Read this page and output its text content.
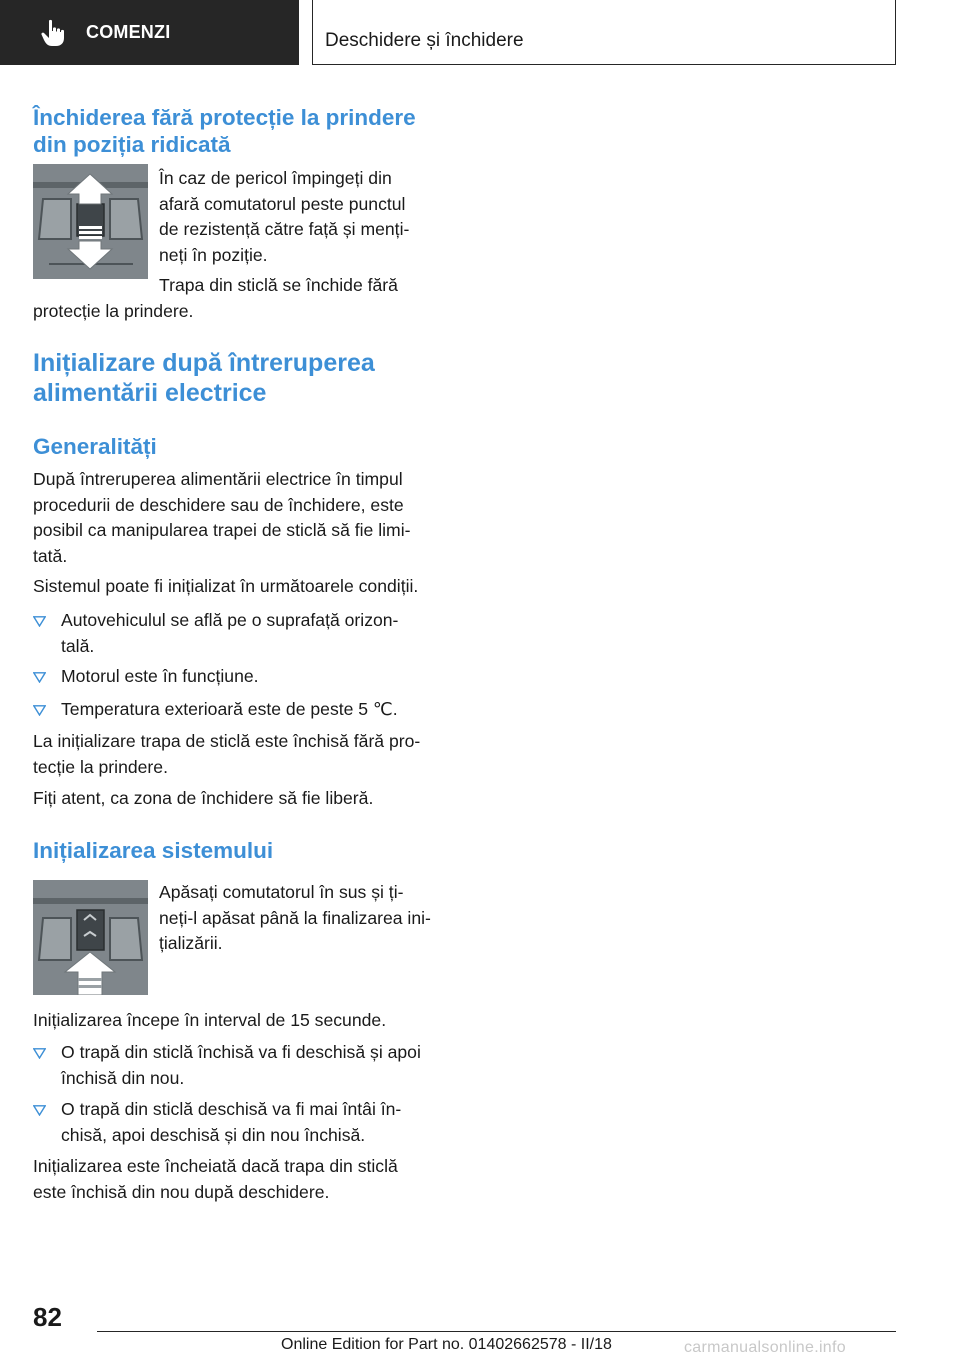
COMENZI	Deschidere și închidere
Închiderea fără protecție la prindere
din poziția ridicată
În caz de pericol împingeți din
afară comutatorul peste punctul
de rezistență către față și menți-
neți în poziție.
Trapa din sticlă se închide fără
protecție la prindere.
Inițializare după întreruperea
alimentării electrice
Generalități
După întreruperea alimentării electrice în timpul
procedurii de deschidere sau de închidere, este
posibil ca manipularea trapei de sticlă să fie limi-
tată.
Sistemul poate fi inițializat în următoarele condiții.
Autovehiculul se află pe o suprafață orizon-
tală.
Motorul este în funcțiune.
Temperatura exterioară este de peste 5 ℃.
La inițializare trapa de sticlă este închisă fără pro-
tecție la prindere.
Fiți atent, ca zona de închidere să fie liberă.
Inițializarea sistemului
Apăsați comutatorul în sus și ți-
neți-l apăsat până la finalizarea ini-
țializării.
Inițializarea începe în interval de 15 secunde.
O trapă din sticlă închisă va fi deschisă și apoi
închisă din nou.
O trapă din sticlă deschisă va fi mai întâi în-
chisă, apoi deschisă și din nou închisă.
Inițializarea este încheiată dacă trapa din sticlă
este închisă din nou după deschidere.
82
Online Edition for Part no. 01402662578 - II/18	carmanualsonline.info
